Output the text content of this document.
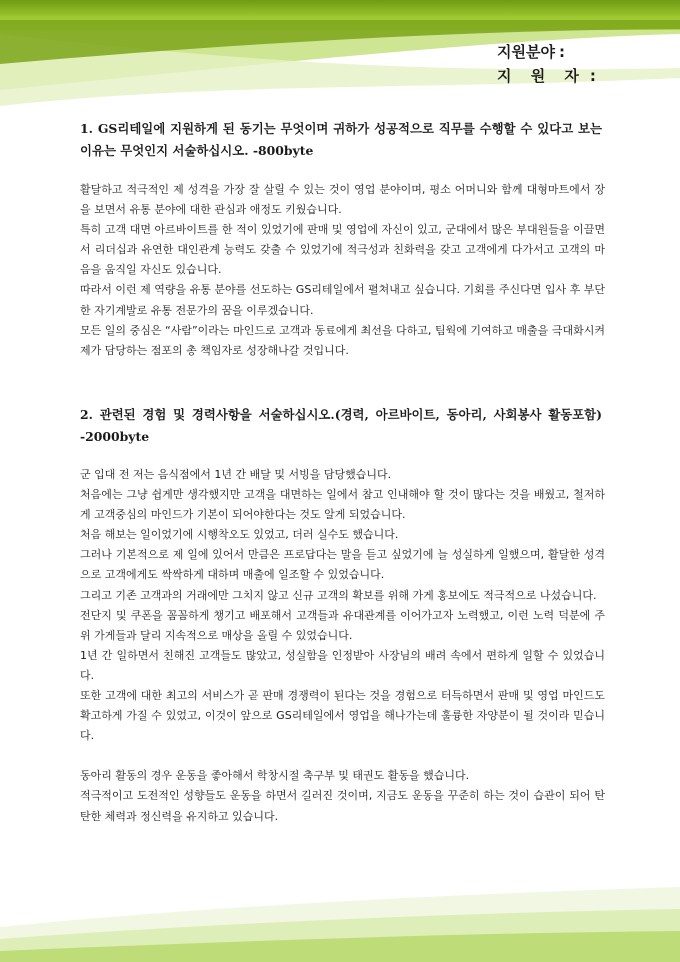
지원분야 :
지 원 자 :
1. GS리테일에 지원하게 된 동기는 무엇이며 귀하가 성공적으로 직무를 수행할 수 있다고 보는 이유는 무엇인지 서술하십시오. -800byte

활달하고 적극적인 제 성격을 가장 잘 살릴 수 있는 것이 영업 분야이며, 평소 어머니와 함께 대형마트에서 장을 보면서 유통 분야에 대한 관심과 애정도 키웠습니다.

특히 고객 대면 아르바이트를 한 적이 있었기에 판매 및 영업에 자신이 있고, 군대에서 많은 부대원들을 이끌면서 리더십과 유연한 대인관계 능력도 갖출 수 있었기에 적극성과 친화력을 갖고 고객에게 다가서고 고객의 마음을 움직일 자신도 있습니다.

따라서 이런 제 역량을 유통 분야를 선도하는 GS리테일에서 펼쳐내고 싶습니다. 기회를 주신다면 입사 후 부단한 자기계발로 유통 전문가의 꿈을 이루겠습니다.

모든 일의 중심은 “사람”이라는 마인드로 고객과 동료에게 최선을 다하고, 팀웍에 기여하고 매출을 극대화시켜 제가 담당하는 점포의 총 책임자로 성장해나갈 것입니다.

2. 관련된 경험 및 경력사항을 서술하십시오.(경력, 아르바이트, 동아리, 사회봉사 활동포함) -2000byte

군 입대 전 저는 음식점에서 1년 간 배달 및 서빙을 담당했습니다.

처음에는 그냥 쉽게만 생각했지만 고객을 대면하는 일에서 참고 인내해야 할 것이 많다는 것을 배웠고, 철저하게 고객중심의 마인드가 기본이 되어야한다는 것도 알게 되었습니다.

처음 해보는 일이었기에 시행착오도 있었고, 더러 실수도 했습니다.

그러나 기본적으로 제 일에 있어서 만큼은 프로답다는 말을 듣고 싶었기에 늘 성실하게 일했으며, 활달한 성격으로 고객에게도 싹싹하게 대하며 매출에 일조할 수 있었습니다.

그리고 기존 고객과의 거래에만 그치지 않고 신규 고객의 확보를 위해 가게 홍보에도 적극적으로 나섰습니다.

전단지 및 쿠폰을 꼼꼼하게 챙기고 배포해서 고객들과 유대관계를 이어가고자 노력했고, 이런 노력 덕분에 주위 가게들과 달리 지속적으로 매상을 올릴 수 있었습니다.

1년 간 일하면서 친해진 고객들도 많았고, 성실함을 인정받아 사장님의 배려 속에서 편하게 일할 수 있었습니다.

또한 고객에 대한 최고의 서비스가 곧 판매 경쟁력이 된다는 것을 경험으로 터득하면서 판매 및 영업 마인드도 확고하게 가질 수 있었고, 이것이 앞으로 GS리테일에서 영업을 해나가는데 훌륭한 자양분이 될 것이라 믿습니다.

동아리 활동의 경우 운동을 좋아해서 학창시절 축구부 및 태권도 활동을 했습니다.

적극적이고 도전적인 성향들도 운동을 하면서 길러진 것이며, 지금도 운동을 꾸준히 하는 것이 습관이 되어 탄탄한 체력과 정신력을 유지하고 있습니다.
